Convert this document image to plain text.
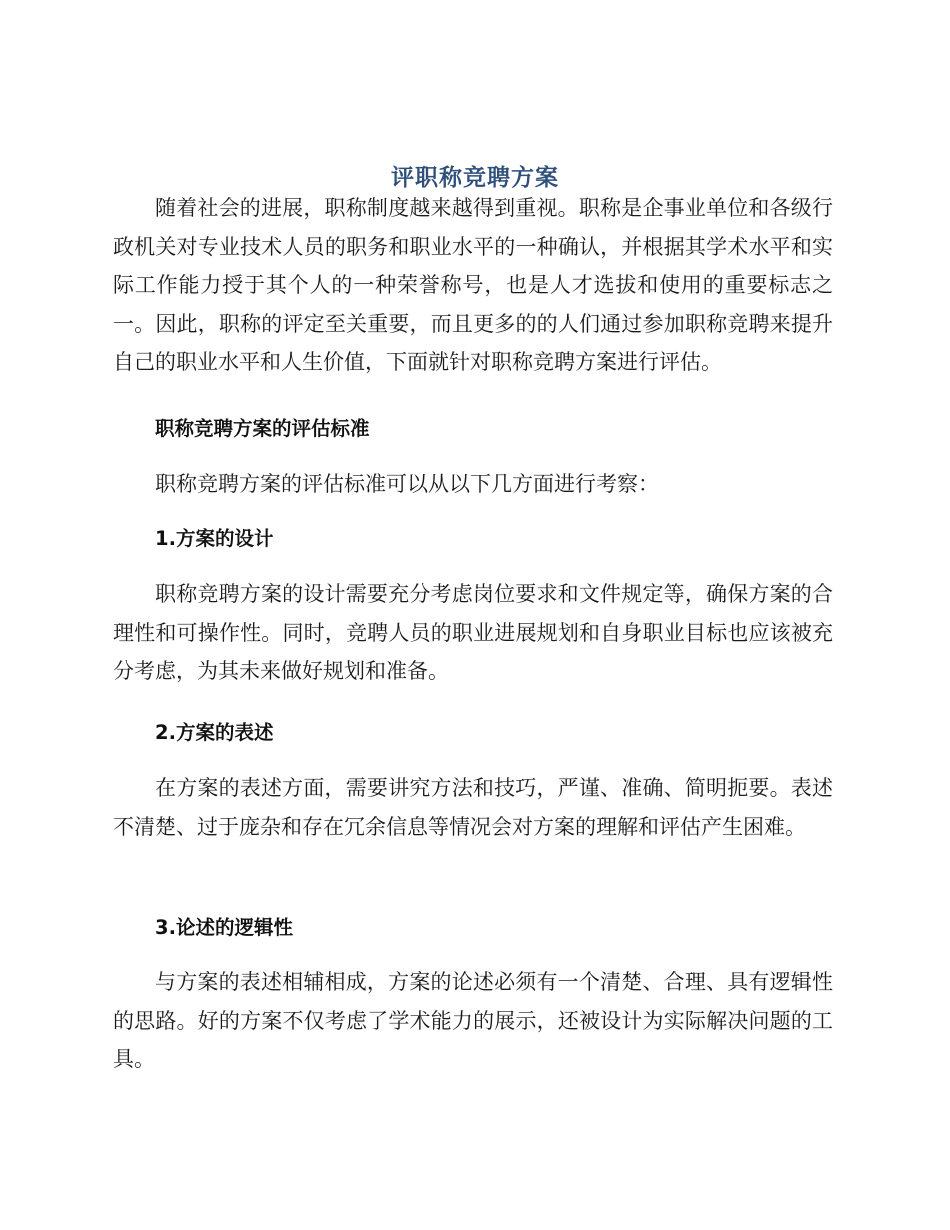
评职称竞聘方案

随着社会的进展，职称制度越来越得到重视。职称是企事业单位和各级行政机关对专业技术人员的职务和职业水平的一种确认，并根据其学术水平和实际工作能力授于其个人的一种荣誉称号，也是人才选拔和使用的重要标志之一。因此，职称的评定至关重要，而且更多的的人们通过参加职称竞聘来提升自己的职业水平和人生价值，下面就针对职称竞聘方案进行评估。

职称竞聘方案的评估标准

职称竞聘方案的评估标准可以从以下几方面进行考察：

1.方案的设计

职称竞聘方案的设计需要充分考虑岗位要求和文件规定等，确保方案的合理性和可操作性。同时，竞聘人员的职业进展规划和自身职业目标也应该被充分考虑，为其未来做好规划和准备。

2.方案的表述

在方案的表述方面，需要讲究方法和技巧，严谨、准确、简明扼要。表述不清楚、过于庞杂和存在冗余信息等情况会对方案的理解和评估产生困难。

3.论述的逻辑性

与方案的表述相辅相成，方案的论述必须有一个清楚、合理、具有逻辑性的思路。好的方案不仅考虑了学术能力的展示，还被设计为实际解决问题的工具。
